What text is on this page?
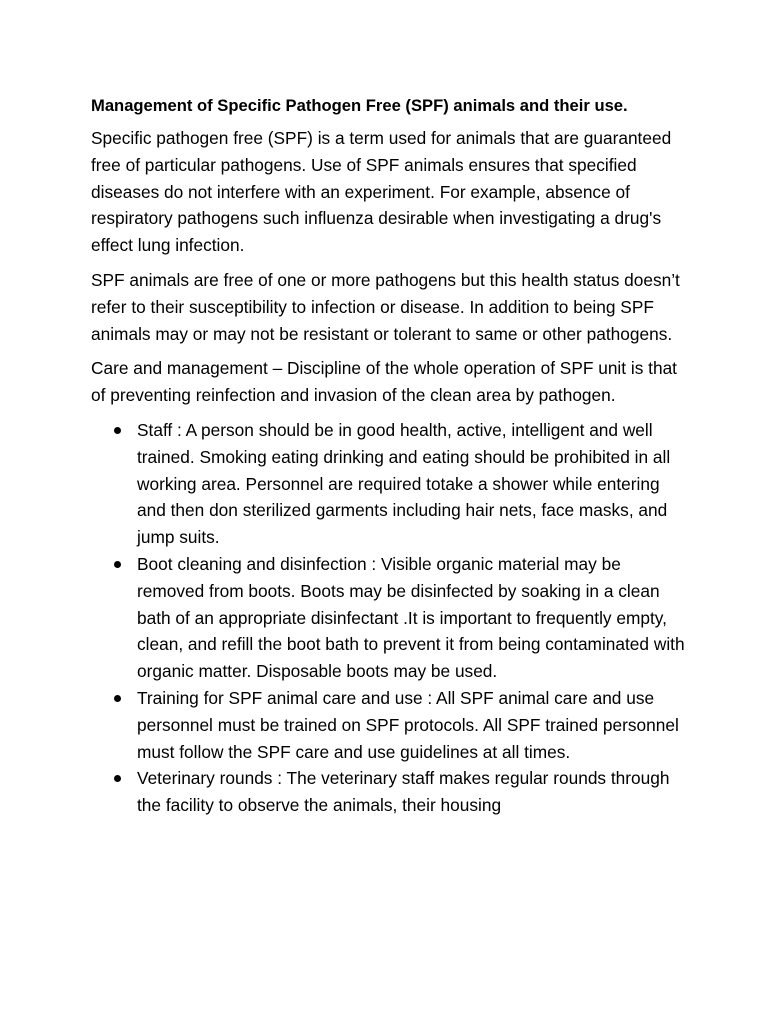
Management of Specific Pathogen Free (SPF) animals and their use.

Specific pathogen free (SPF) is a term used for animals that are guaranteed free of particular pathogens. Use of SPF animals ensures that specified diseases do not interfere with an experiment. For example, absence of respiratory pathogens such influenza desirable when investigating a drug's effect lung infection.

SPF animals are free of one or more pathogens but this health status doesn’t refer to their susceptibility to infection or disease. In addition to being SPF animals may or may not be resistant or tolerant to same or other pathogens.

Care and management – Discipline of the whole operation of SPF unit is that of preventing reinfection and invasion of the clean area by pathogen.

Staff : A person should be in good health, active, intelligent and well trained. Smoking eating drinking and eating should be prohibited in all working area. Personnel are required totake a shower while entering and then don sterilized garments including hair nets, face masks, and jump suits.
Boot cleaning and disinfection : Visible organic material may be removed from boots. Boots may be disinfected by soaking in a clean bath of an appropriate disinfectant .It is important to frequently empty, clean, and refill the boot bath to prevent it from being contaminated with organic matter. Disposable boots may be used.
Training for SPF animal care and use : All SPF animal care and use personnel must be trained on SPF protocols. All SPF trained personnel must follow the SPF care and use guidelines at all times.
Veterinary rounds : The veterinary staff makes regular rounds through the facility to observe the animals, their housing
